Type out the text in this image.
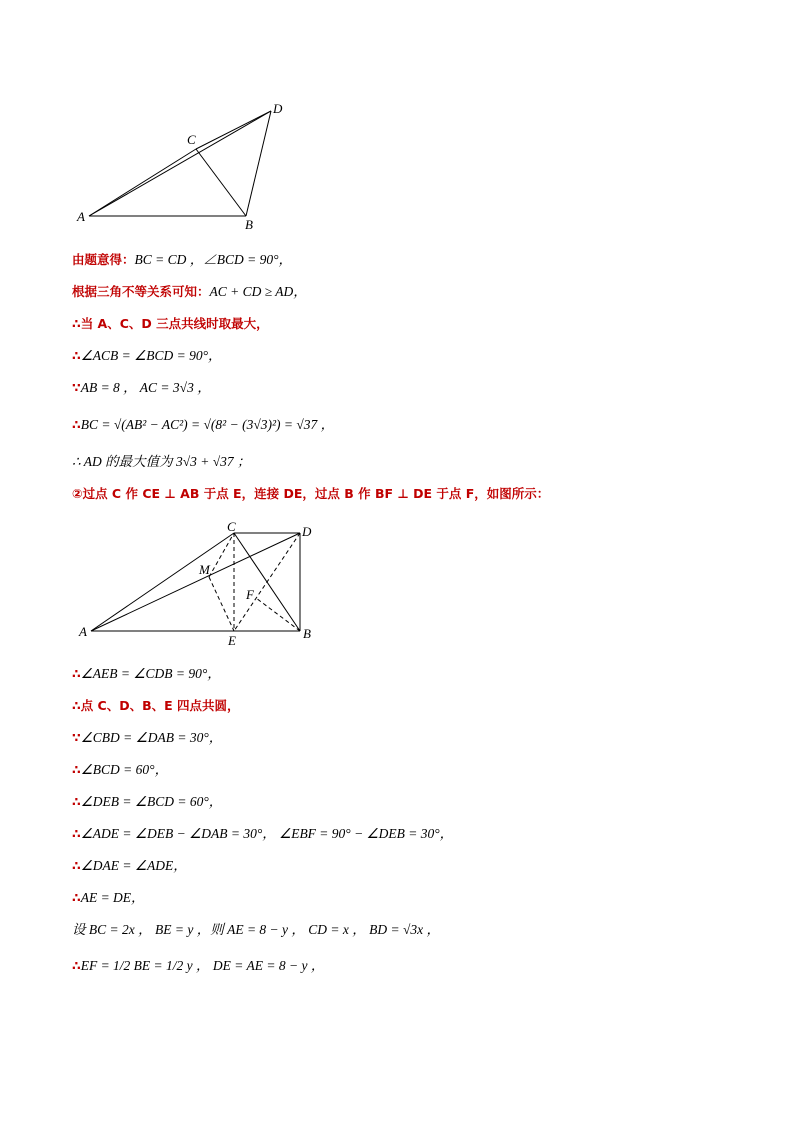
A
B
C
D
A	B
C	D
E
F
M
由题意得：BC = CD ，∠BCD = 90°，
根据三角不等关系可知：AC + CD ≥ AD，
∴当 A、C、D 三点共线时取最大，
∴∠ACB = ∠BCD = 90°，
∵AB = 8 ， AC = 3√3 ，
∴BC = √(AB² − AC²) = √(8² − (3√3)²) = √37 ，
∴ AD 的最大值为 3√3 + √37 ；
②过点 C 作 CE ⊥ AB 于点 E，连接 DE，过点 B 作 BF ⊥ DE 于点 F，如图所示：
∴∠AEB = ∠CDB = 90°，
∴点 C、D、B、E 四点共圆，
∵∠CBD = ∠DAB = 30°，
∴∠BCD = 60°，
∴∠DEB = ∠BCD = 60°，
∴∠ADE = ∠DEB − ∠DAB = 30°， ∠EBF = 90° − ∠DEB = 30°，
∴∠DAE = ∠ADE，
∴AE = DE，
设 BC = 2x ， BE = y ，则 AE = 8 − y ， CD = x ， BD = √3x ，
∴EF = 1/2 BE = 1/2 y ， DE = AE = 8 − y ，
